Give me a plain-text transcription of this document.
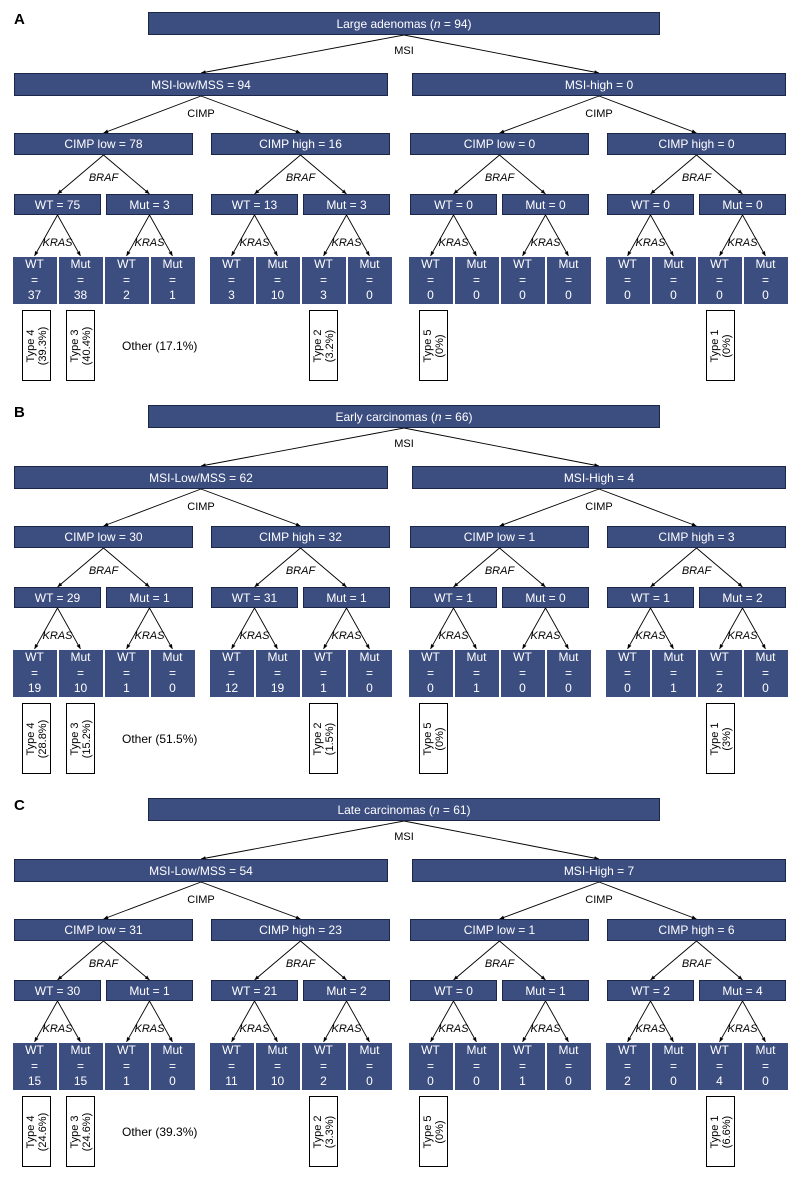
A	Large adenomas ( n = 94)
MSI
MSI-low/MSS = 94
CIMP
CIMP low = 78
BRAF
WT = 75
KRAS
WT
=
37
Mut
=
38
Mut = 3
KRAS
WT
=
2
Mut
=
1
CIMP high = 16
BRAF
WT = 13
KRAS
WT
=
3
Mut
=
10
Mut = 3
KRAS
WT
=
3
Mut
=
0
MSI-high = 0
CIMP
CIMP low = 0
BRAF
WT = 0
KRAS
WT
=
0
Mut
=
0
Mut = 0
KRAS
WT
=
0
Mut
=
0
CIMP high = 0
BRAF
WT = 0
KRAS
WT
=
0
Mut
=
0
Mut = 0
KRAS
WT
=
0
Mut
=
0
Type 4
(39.3%) Type 3
(40.4%)	Type 2
(3.2%)	Type 5
(0%)	Type 1
(0%)
Other (17.1%)
B	Early carcinomas ( n = 66)
MSI
MSI-Low/MSS = 62
CIMP
CIMP low = 30
BRAF
WT = 29
KRAS
WT
=
19
Mut
=
10
Mut = 1
KRAS
WT
=
1
Mut
=
0
CIMP high = 32
BRAF
WT = 31
KRAS
WT
=
12
Mut
=
19
Mut = 1
KRAS
WT
=
1
Mut
=
0
MSI-High = 4
CIMP
CIMP low = 1
BRAF
WT = 1
KRAS
WT
=
0
Mut
=
1
Mut = 0
KRAS
WT
=
0
Mut
=
0
CIMP high = 3
BRAF
WT = 1
KRAS
WT
=
0
Mut
=
1
Mut = 2
KRAS
WT
=
2
Mut
=
0
Type 4
(28.8%) Type 3
(15.2%)	Type 2
(1.5%)	Type 5
(0%)	Type 1
(3%)
Other (51.5%)
C	Late carcinomas ( n = 61)
MSI
MSI-Low/MSS = 54
CIMP
CIMP low = 31
BRAF
WT = 30
KRAS
WT
=
15
Mut
=
15
Mut = 1
KRAS
WT
=
1
Mut
=
0
CIMP high = 23
BRAF
WT = 21
KRAS
WT
=
11
Mut
=
10
Mut = 2
KRAS
WT
=
2
Mut
=
0
MSI-High = 7
CIMP
CIMP low = 1
BRAF
WT = 0
KRAS
WT
=
0
Mut
=
0
Mut = 1
KRAS
WT
=
1
Mut
=
0
CIMP high = 6
BRAF
WT = 2
KRAS
WT
=
2
Mut
=
0
Mut = 4
KRAS
WT
=
4
Mut
=
0
Type 4
(24.6%) Type 3
(24.6%)	Type 2
(3.3%)	Type 5
(0%)	Type 1
(6.6%)
Other (39.3%)
